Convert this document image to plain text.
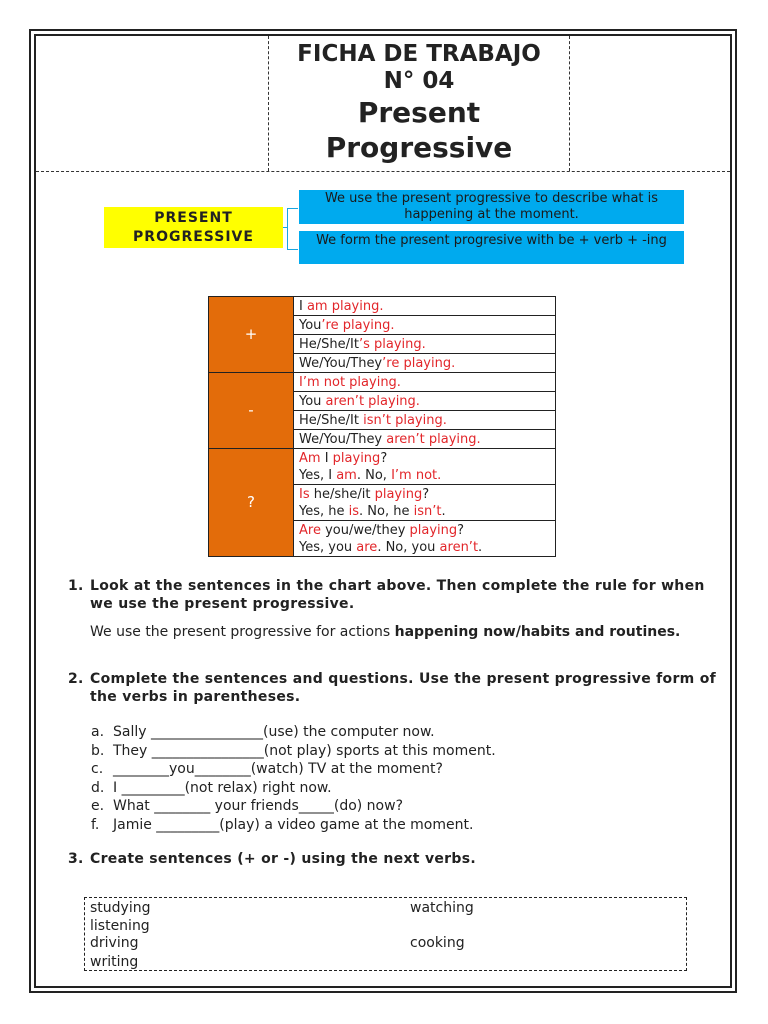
FICHA DE TRABAJO
N° 04
Present
Progressive
PRESENT
PROGRESSIVE
We use the present progressive to describe what is happening at the moment.
We form the present progresive with be + verb + -ing
+	I am playing.
	You’re playing.
	He/She/It’s playing.
	We/You/They’re playing.
-	I’m not playing.
	You aren’t playing.
	He/She/It isn’t playing.
	We/You/They aren’t playing.
?	Am I playing?
Yes, I am. No, I’m not.

	Is he/she/it playing?
Yes, he is. No, he isn’t.

	Are you/we/they playing?
Yes, you are. No, you aren’t.
1. Look at the sentences in the chart above. Then complete the rule for when we use the present progressive.
We use the present progressive for actions happening now/habits and routines.
2. Complete the sentences and questions. Use the present progressive form of the verbs in parentheses.
a. Sally ________________(use) the computer now.
b. They ________________(not play) sports at this moment.
c. ________you________(watch) TV at the moment?
d. I _________(not relax) right now.
e. What ________ your friends_____(do) now?
f. Jamie _________(play) a video game at the moment.
3. Create sentences (+ or -) using the next verbs.
studying
listening
driving
writing
watching
cooking
